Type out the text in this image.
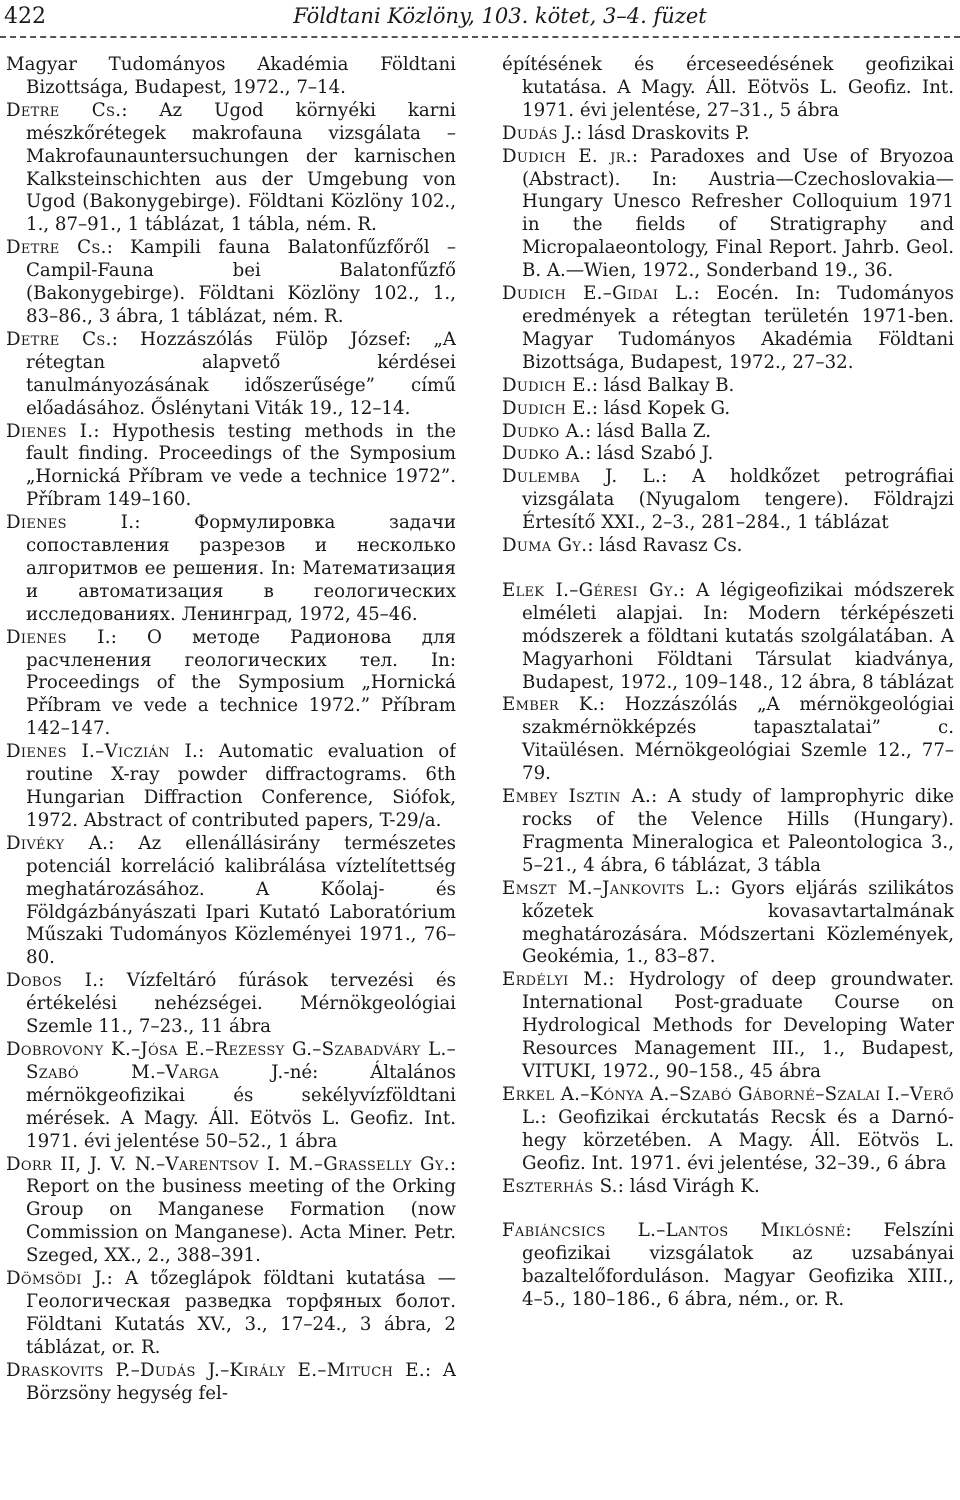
422	Földtani Közlöny, 103. kötet, 3–4. füzet

Magyar Tudományos Akadémia Földtani Bizottsága, Budapest, 1972., 7–14.

Detre Cs.: Az Ugod környéki karni mészkőrétegek makrofauna vizsgálata – Makrofaunauntersuchungen der karnischen Kalksteinschichten aus der Umgebung von Ugod (Bakonygebirge). Földtani Közlöny 102., 1., 87–91., 1 táblázat, 1 tábla, ném. R.

Detre Cs.: Kampili fauna Balatonfűzfőről – Campil-Fauna bei Balatonfűzfő (Bakonygebirge). Földtani Közlöny 102., 1., 83–86., 3 ábra, 1 táblázat, ném. R.

Detre Cs.: Hozzászólás Fülöp József: „A rétegtan alapvető kérdései tanulmányozásának időszerűsége” című előadásához. Őslénytani Viták 19., 12–14.

Dienes I.: Hypothesis testing methods in the fault finding. Proceedings of the Symposium „Hornická Příbram ve vede a technice 1972”. Příbram 149–160.

Dienes I.: Формулировка задачи сопоставления разрезов и несколько алгоритмов ее решения. In: Математизация и автоматизация в геологических исследованиях. Ленинград, 1972, 45–46.

Dienes I.: О методе Радионова для расчленения геологических тел. In: Proceedings of the Symposium „Hornická Příbram ve vede a technice 1972.” Příbram 142–147.

Dienes I.–Viczián I.: Automatic evaluation of routine X-ray powder diffractograms. 6th Hungarian Diffraction Conference, Siófok, 1972. Abstract of contributed papers, T-29/a.

Divéky A.: Az ellenállásirány természetes potenciál korreláció kalibrálása víztelítettség meghatározásához. A Kőolaj- és Földgázbányászati Ipari Kutató Laboratórium Műszaki Tudományos Közleményei 1971., 76–80.

Dobos I.: Vízfeltáró fúrások tervezési és értékelési nehézségei. Mérnökgeológiai Szemle 11., 7–23., 11 ábra

Dobrovony K.–Jósa E.–Rezessy G.–Szabadváry L.–Szabó M.–Varga J.-né: Általános mérnökgeofizikai és sekélyvízföldtani mérések. A Magy. Áll. Eötvös L. Geofiz. Int. 1971. évi jelentése 50–52., 1 ábra

Dorr II, J. V. N.–Varentsov I. M.–Grasselly Gy.: Report on the business meeting of the Orking Group on Manganese Formation (now Commission on Manganese). Acta Miner. Petr. Szeged, XX., 2., 388–391.

Dömsödi J.: A tőzeglápok földtani kutatása — Геологическая разведка торфяных болот. Földtani Kutatás XV., 3., 17–24., 3 ábra, 2 táblázat, or. R.

Draskovits P.–Dudás J.–Király E.–Mituch E.: A Börzsöny hegység fel-

építésének és érceseedésének geofizikai kutatása. A Magy. Áll. Eötvös L. Geofiz. Int. 1971. évi jelentése, 27–31., 5 ábra

Dudás J.: lásd Draskovits P.

Dudich E. jr.: Paradoxes and Use of Bryozoa (Abstract). In: Austria—Czechoslovakia—Hungary Unesco Refresher Colloquium 1971 in the fields of Stratigraphy and Micropalaeontology, Final Report. Jahrb. Geol. B. A.—Wien, 1972., Sonderband 19., 36.

Dudich E.–Gidai L.: Eocén. In: Tudományos eredmények a rétegtan területén 1971-ben. Magyar Tudományos Akadémia Földtani Bizottsága, Budapest, 1972., 27–32.

Dudich E.: lásd Balkay B.

Dudich E.: lásd Kopek G.

Dudko A.: lásd Balla Z.

Dudko A.: lásd Szabó J.

Dulemba J. L.: A holdkőzet petrográfiai vizsgálata (Nyugalom tengere). Földrajzi Értesítő XXI., 2–3., 281–284., 1 táblázat

Duma Gy.: lásd Ravasz Cs.

Elek I.–Géresi Gy.: A légigeofizikai módszerek elméleti alapjai. In: Modern térképészeti módszerek a földtani kutatás szolgálatában. A Magyarhoni Földtani Társulat kiadványa, Budapest, 1972., 109–148., 12 ábra, 8 táblázat

Ember K.: Hozzászólás „A mérnökgeológiai szakmérnökképzés tapasztalatai” c. Vitaülésen. Mérnökgeológiai Szemle 12., 77–79.

Embey Isztin A.: A study of lamprophyric dike rocks of the Velence Hills (Hungary). Fragmenta Mineralogica et Paleontologica 3., 5–21., 4 ábra, 6 táblázat, 3 tábla

Emszt M.–Jankovits L.: Gyors eljárás szilikátos kőzetek kovasavtartalmának meghatározására. Módszertani Közlemények, Geokémia, 1., 83–87.

Erdélyi M.: Hydrology of deep groundwater. International Post-graduate Course on Hydrological Methods for Developing Water Resources Management III., 1., Budapest, VITUKI, 1972., 90–158., 45 ábra

Erkel A.–Kónya A.–Szabó Gáborné–Szalai I.–Verő L.: Geofizikai érckutatás Recsk és a Darnó-hegy körzetében. A Magy. Áll. Eötvös L. Geofiz. Int. 1971. évi jelentése, 32–39., 6 ábra

Eszterhás S.: lásd Virágh K.

Fabiáncsics L.–Lantos Miklósné: Felszíni geofizikai vizsgálatok az uzsabányai bazaltelőforduláson. Magyar Geofizika XIII., 4–5., 180–186., 6 ábra, ném., or. R.
